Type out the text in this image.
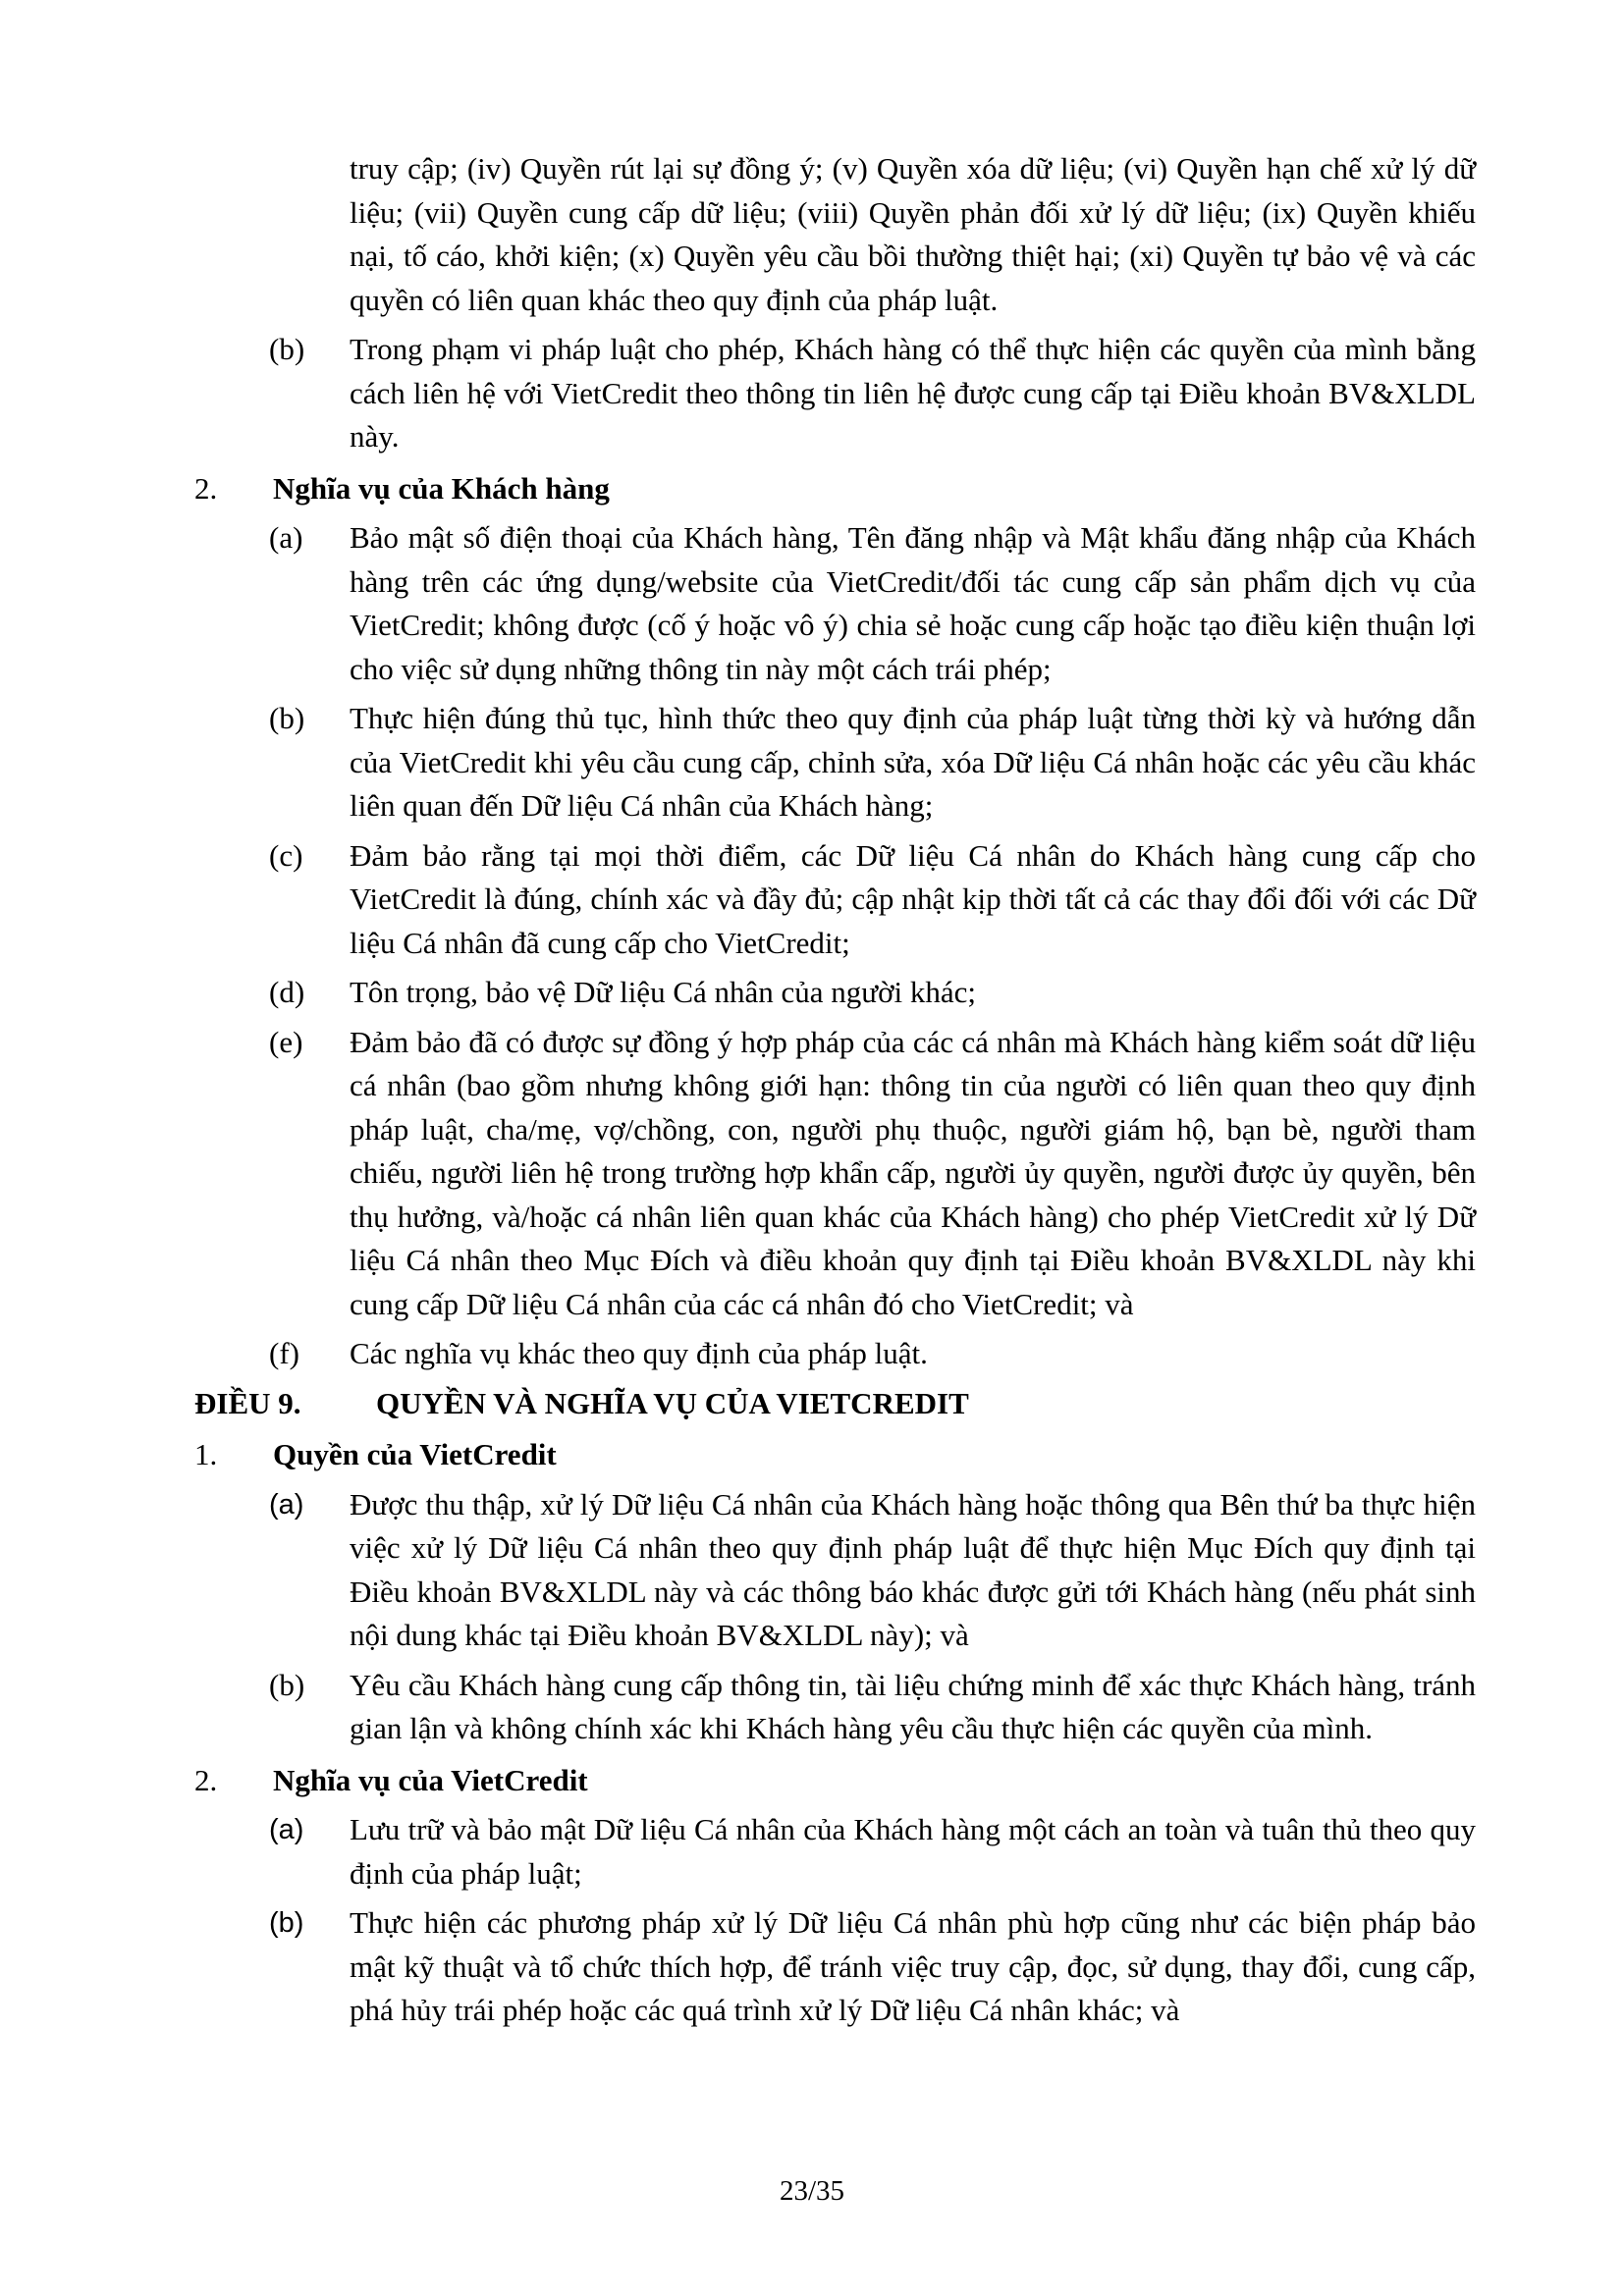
truy cập; (iv) Quyền rút lại sự đồng ý; (v) Quyền xóa dữ liệu; (vi) Quyền hạn chế xử lý dữ liệu; (vii) Quyền cung cấp dữ liệu; (viii) Quyền phản đối xử lý dữ liệu; (ix) Quyền khiếu nại, tố cáo, khởi kiện; (x) Quyền yêu cầu bồi thường thiệt hại; (xi) Quyền tự bảo vệ và các quyền có liên quan khác theo quy định của pháp luật.

(b) Trong phạm vi pháp luật cho phép, Khách hàng có thể thực hiện các quyền của mình bằng cách liên hệ với VietCredit theo thông tin liên hệ được cung cấp tại Điều khoản BV&XLDL này.
2. Nghĩa vụ của Khách hàng
(a) Bảo mật số điện thoại của Khách hàng, Tên đăng nhập và Mật khẩu đăng nhập của Khách hàng trên các ứng dụng/website của VietCredit/đối tác cung cấp sản phẩm dịch vụ của VietCredit; không được (cố ý hoặc vô ý) chia sẻ hoặc cung cấp hoặc tạo điều kiện thuận lợi cho việc sử dụng những thông tin này một cách trái phép;
(b) Thực hiện đúng thủ tục, hình thức theo quy định của pháp luật từng thời kỳ và hướng dẫn của VietCredit khi yêu cầu cung cấp, chỉnh sửa, xóa Dữ liệu Cá nhân hoặc các yêu cầu khác liên quan đến Dữ liệu Cá nhân của Khách hàng;
(c) Đảm bảo rằng tại mọi thời điểm, các Dữ liệu Cá nhân do Khách hàng cung cấp cho VietCredit là đúng, chính xác và đầy đủ; cập nhật kịp thời tất cả các thay đổi đối với các Dữ liệu Cá nhân đã cung cấp cho VietCredit;
(d) Tôn trọng, bảo vệ Dữ liệu Cá nhân của người khác;
(e) Đảm bảo đã có được sự đồng ý hợp pháp của các cá nhân mà Khách hàng kiểm soát dữ liệu cá nhân (bao gồm nhưng không giới hạn: thông tin của người có liên quan theo quy định pháp luật, cha/mẹ, vợ/chồng, con, người phụ thuộc, người giám hộ, bạn bè, người tham chiếu, người liên hệ trong trường hợp khẩn cấp, người ủy quyền, người được ủy quyền, bên thụ hưởng, và/hoặc cá nhân liên quan khác của Khách hàng) cho phép VietCredit xử lý Dữ liệu Cá nhân theo Mục Đích và điều khoản quy định tại Điều khoản BV&XLDL này khi cung cấp Dữ liệu Cá nhân của các cá nhân đó cho VietCredit; và
(f) Các nghĩa vụ khác theo quy định của pháp luật.
ĐIỀU 9. QUYỀN VÀ NGHĨA VỤ CỦA VIETCREDIT
1. Quyền của VietCredit
(a) Được thu thập, xử lý Dữ liệu Cá nhân của Khách hàng hoặc thông qua Bên thứ ba thực hiện việc xử lý Dữ liệu Cá nhân theo quy định pháp luật để thực hiện Mục Đích quy định tại Điều khoản BV&XLDL này và các thông báo khác được gửi tới Khách hàng (nếu phát sinh nội dung khác tại Điều khoản BV&XLDL này); và
(b) Yêu cầu Khách hàng cung cấp thông tin, tài liệu chứng minh để xác thực Khách hàng, tránh gian lận và không chính xác khi Khách hàng yêu cầu thực hiện các quyền của mình.
2. Nghĩa vụ của VietCredit
(a) Lưu trữ và bảo mật Dữ liệu Cá nhân của Khách hàng một cách an toàn và tuân thủ theo quy định của pháp luật;
(b) Thực hiện các phương pháp xử lý Dữ liệu Cá nhân phù hợp cũng như các biện pháp bảo mật kỹ thuật và tổ chức thích hợp, để tránh việc truy cập, đọc, sử dụng, thay đổi, cung cấp, phá hủy trái phép hoặc các quá trình xử lý Dữ liệu Cá nhân khác; và
23/35
